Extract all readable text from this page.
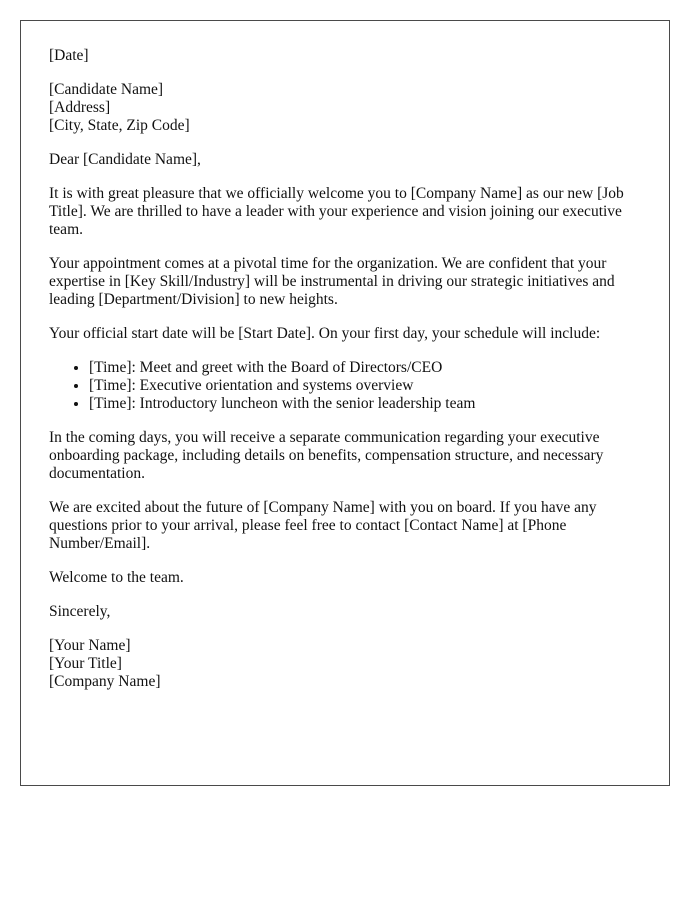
[Date]

[Candidate Name]
[Address]
[City, State, Zip Code]

Dear [Candidate Name],

It is with great pleasure that we officially welcome you to [Company Name] as our new [Job Title]. We are thrilled to have a leader with your experience and vision joining our executive team.

Your appointment comes at a pivotal time for the organization. We are confident that your expertise in [Key Skill/Industry] will be instrumental in driving our strategic initiatives and leading [Department/Division] to new heights.

Your official start date will be [Start Date]. On your first day, your schedule will include:

• [Time]: Meet and greet with the Board of Directors/CEO
• [Time]: Executive orientation and systems overview
• [Time]: Introductory luncheon with the senior leadership team

In the coming days, you will receive a separate communication regarding your executive onboarding package, including details on benefits, compensation structure, and necessary documentation.

We are excited about the future of [Company Name] with you on board. If you have any questions prior to your arrival, please feel free to contact [Contact Name] at [Phone Number/Email].

Welcome to the team.

Sincerely,

[Your Name]
[Your Title]
[Company Name]
